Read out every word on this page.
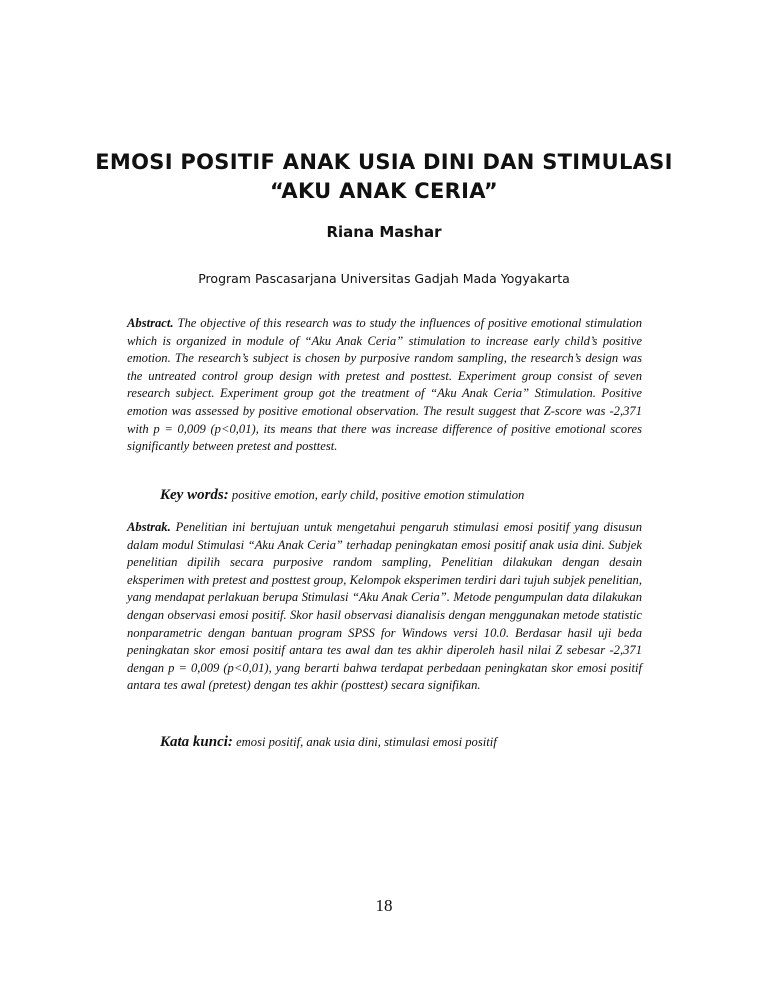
EMOSI POSITIF ANAK USIA DINI DAN STIMULASI
“AKU ANAK CERIA”

Riana Mashar

Program Pascasarjana Universitas Gadjah Mada Yogyakarta

Abstract. The objective of this research was to study the influences of positive emotional stimulation which is organized in module of “Aku Anak Ceria” stimulation to increase early child’s positive emotion. The research’s subject is chosen by purposive random sampling, the research’s design was the untreated control group design with pretest and posttest. Experiment group consist of seven research subject. Experiment group got the treatment of “Aku Anak Ceria” Stimulation. Positive emotion was assessed by positive emotional observation. The result suggest that Z-score was -2,371 with p = 0,009 (p<0,01), its means that there was increase difference of positive emotional scores significantly between pretest and posttest.

Key words: positive emotion, early child, positive emotion stimulation

Abstrak. Penelitian ini bertujuan untuk mengetahui pengaruh stimulasi emosi positif yang disusun dalam modul Stimulasi “Aku Anak Ceria” terhadap peningkatan emosi positif anak usia dini. Subjek penelitian dipilih secara purposive random sampling, Penelitian dilakukan dengan desain eksperimen with pretest and posttest group, Kelompok eksperimen terdiri dari tujuh subjek penelitian, yang mendapat perlakuan berupa Stimulasi “Aku Anak Ceria”. Metode pengumpulan data dilakukan dengan observasi emosi positif. Skor hasil observasi dianalisis dengan menggunakan metode statistic nonparametric dengan bantuan program SPSS for Windows versi 10.0. Berdasar hasil uji beda peningkatan skor emosi positif antara tes awal dan tes akhir diperoleh hasil nilai Z sebesar -2,371 dengan p = 0,009 (p<0,01), yang berarti bahwa terdapat perbedaan peningkatan skor emosi positif antara tes awal (pretest) dengan tes akhir (posttest) secara signifikan.

Kata kunci: emosi positif, anak usia dini, stimulasi emosi positif

18
